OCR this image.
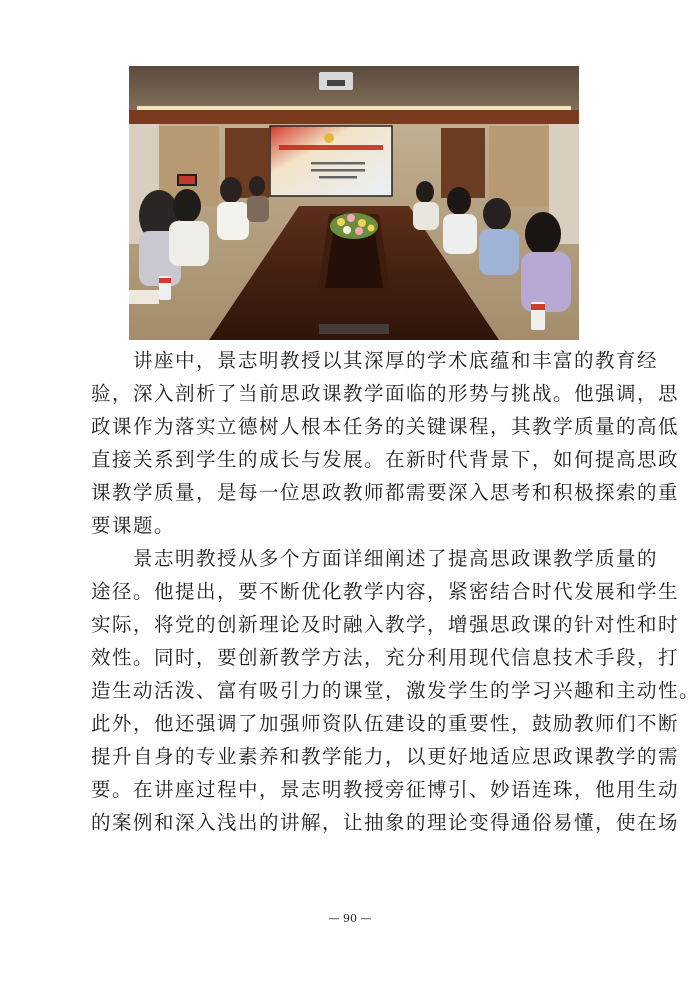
讲座中，景志明教授以其深厚的学术底蕴和丰富的教育经
验，深入剖析了当前思政课教学面临的形势与挑战。他强调，思
政课作为落实立德树人根本任务的关键课程，其教学质量的高低
直接关系到学生的成长与发展。在新时代背景下，如何提高思政
课教学质量，是每一位思政教师都需要深入思考和积极探索的重
要课题。
景志明教授从多个方面详细阐述了提高思政课教学质量的
途径。他提出，要不断优化教学内容，紧密结合时代发展和学生
实际，将党的创新理论及时融入教学，增强思政课的针对性和时
效性。同时，要创新教学方法，充分利用现代信息技术手段，打
造生动活泼、富有吸引力的课堂，激发学生的学习兴趣和主动性。
此外，他还强调了加强师资队伍建设的重要性，鼓励教师们不断
提升自身的专业素养和教学能力，以更好地适应思政课教学的需
要。在讲座过程中，景志明教授旁征博引、妙语连珠，他用生动
的案例和深入浅出的讲解，让抽象的理论变得通俗易懂，使在场
— 90 —
